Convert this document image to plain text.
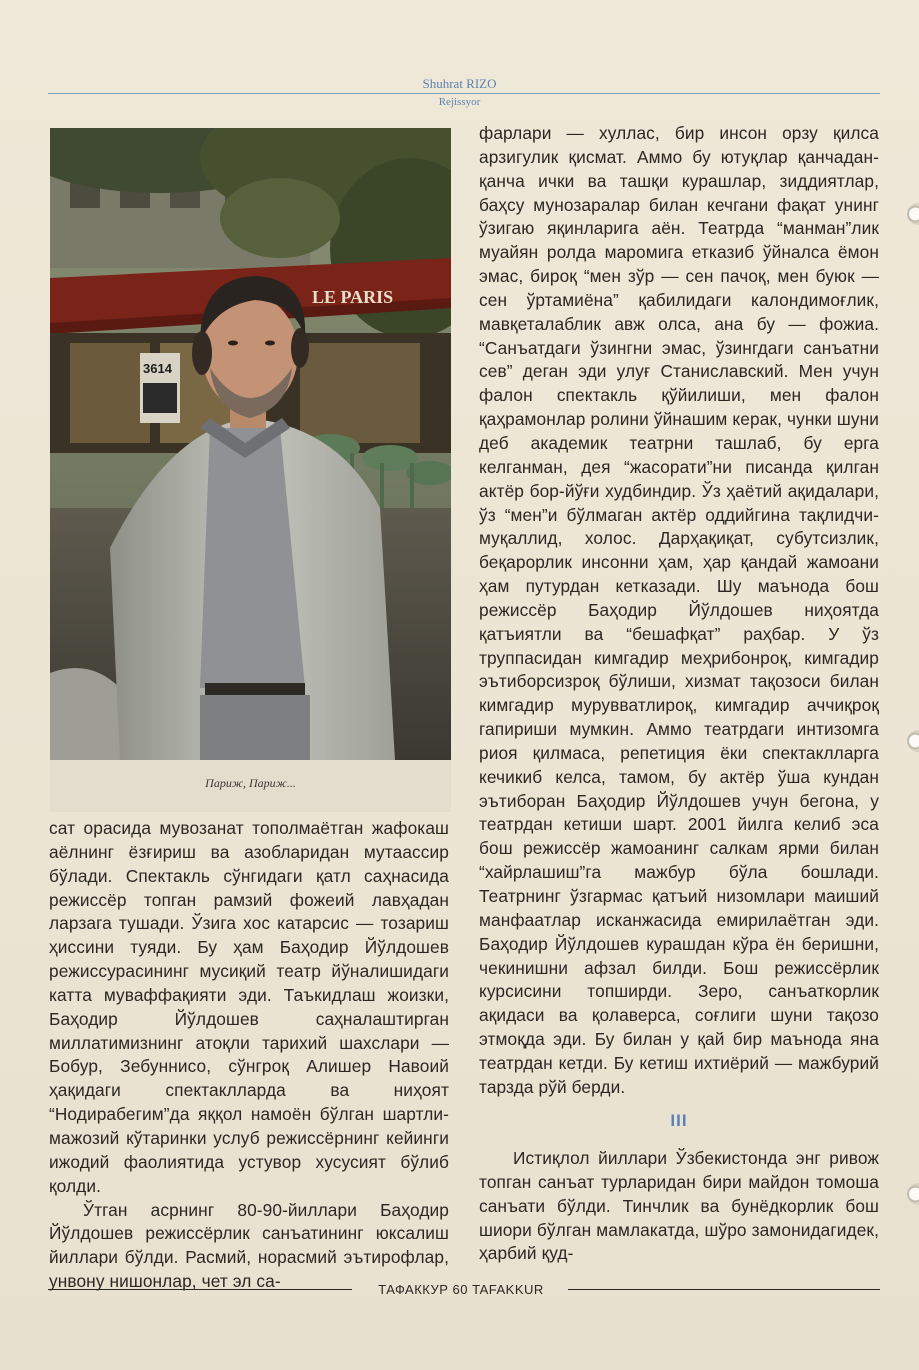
Shuhrat RIZO
Rejissyor
LE PARIS
3614
Париж, Париж...

сат орасида мувозанат тополмаётган жафокаш аёлнинг ёзғириш ва азобларидан мутаассир бўлади. Спектакль сўнгидаги қатл саҳнасида режиссёр топган рамзий фожеий лавҳадан ларзага тушади. Ўзига хос катарсис — тозариш ҳиссини туяди. Бу ҳам Баҳодир Йўлдошев режиссурасининг мусиқий театр йўналишидаги катта муваффақияти эди. Таъкидлаш жоизки, Баҳодир Йўлдошев саҳналаштирган миллатимизнинг атоқли тарихий шахслари — Бобур, Зебуннисо, сўнгроқ Алишер Навоий ҳақидаги спектаклларда ва ниҳоят “Нодирабегим”да яққол намоён бўлган шартли-мажозий кўтаринки услуб режиссёрнинг кейинги ижодий фаолиятида устувор хусусият бўлиб қолди.

Ўтган асрнинг 80-90-йиллари Баҳодир Йўлдошев режиссёрлик санъатининг юксалиш йиллари бўлди. Расмий, норасмий эътирофлар, унвону нишонлар, чет эл са-

фарлари — хуллас, бир инсон орзу қилса арзигулик қисмат. Аммо бу ютуқлар қанчадан-қанча ички ва ташқи курашлар, зиддиятлар, баҳсу мунозаралар билан кечгани фақат унинг ўзигаю яқинларига аён. Театрда “манман”лик муайян ролда маромига етказиб ўйналса ёмон эмас, бироқ “мен зўр — сен пачоқ, мен буюк — сен ўртамиёна” қабилидаги калондимоғлик, мавқеталаблик авж олса, ана бу — фожиа. “Санъатдаги ўзингни эмас, ўзингдаги санъатни сев” деган эди улуғ Станиславский. Мен учун фалон спектакль қўйилиши, мен фалон қаҳрамонлар ролини ўйнашим керак, чунки шуни деб академик театрни ташлаб, бу ерга келганман, дея “жасорати”ни писанда қилган актёр бор-йўғи худбиндир. Ўз ҳаётий ақидалари, ўз “мен”и бўлмаган актёр оддийгина тақлидчи-муқаллид, холос. Дарҳақиқат, субутсизлик, беқарорлик инсонни ҳам, ҳар қандай жамоани ҳам путурдан кетказади. Шу маънода бош режиссёр Баҳодир Йўлдошев ниҳоятда қатъиятли ва “бешафқат” раҳбар. У ўз труппасидан кимгадир меҳрибонроқ, кимгадир эътиборсизроқ бўлиши, хизмат тақозоси билан кимгадир мурувватлироқ, кимгадир аччиқроқ гапириши мумкин. Аммо театрдаги интизомга риоя қилмаса, репетиция ёки спектаклларга кечикиб келса, тамом, бу актёр ўша кундан эътиборан Баҳодир Йўлдошев учун бегона, у театрдан кетиши шарт. 2001 йилга келиб эса бош режиссёр жамоанинг салкам ярми билан “хайрлашиш”га мажбур бўла бошлади. Театрнинг ўзгармас қатъий низомлари маиший манфаатлар исканжасида емирилаётган эди. Баҳодир Йўлдошев курашдан кўра ён беришни, чекинишни афзал билди. Бош режиссёрлик курсисини топширди. Зеро, санъаткорлик ақидаси ва қолаверса, соғлиги шуни тақозо этмоқда эди. Бу билан у қай бир маънода яна театрдан кетди. Бу кетиш ихтиёрий — мажбурий тарзда рўй берди.

III

Истиқлол йиллари Ўзбекистонда энг ривож топган санъат турларидан бири майдон томоша санъати бўлди. Тинчлик ва бунёдкорлик бош шиори бўлган мамлакатда, шўро замонидагидек, ҳарбий қуд-

ТАФАККУР 60 TAFAKKUR
